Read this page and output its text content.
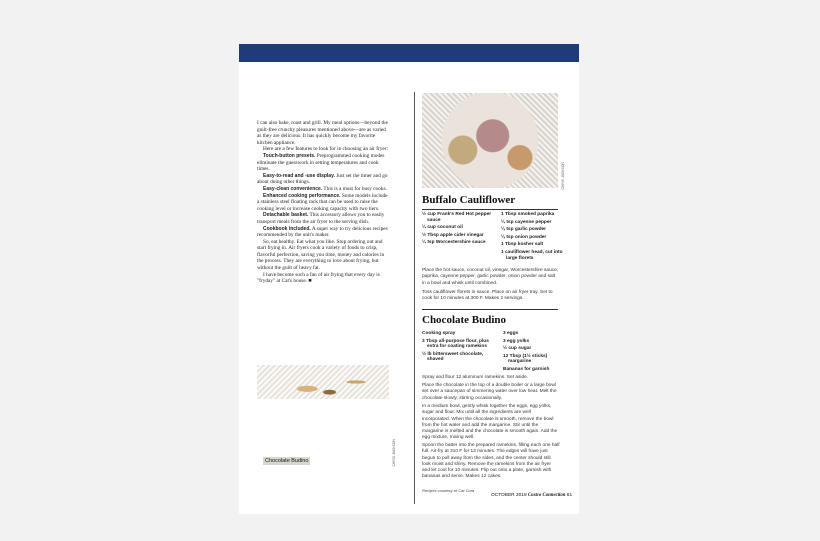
I can also bake, roast and grill. My meal options—beyond the guilt-free crunchy pleasures mentioned above—are as varied as they are delicious. It has quickly become my favorite kitchen appliance.

Here are a few features to look for in choosing an air fryer:

Touch-button presets. Preprogrammed cooking modes eliminate the guesswork in setting temperatures and cook times.

Easy-to-read and -use display. Just set the timer and go about doing other things.

Easy-clean convenience. This is a must for busy cooks.

Enhanced cooking performance. Some models include a stainless steel floating rack that can be used to raise the cooking level or increase cooking capacity with two tiers.

Detachable basket. This accessory allows you to easily transport meals from the air fryer to the serving dish.

Cookbook included. A super way to try delicious recipes recommended by the unit's maker.

So, eat healthy. Eat what you like. Stop ordering out and start frying in. Air fryers cook a variety of foods to crisp, flavorful perfection, saving you time, money and calories in the process. They are everything to love about frying, but without the guilt of heavy fat.

I have become such a fan of air frying that every day is "fryday" at Cat's house. ■

CHRIS JACKSON
Chocolate Budino
CHRIS JACKSON
Buffalo Cauliflower
½ cup Frank's Red Hot pepper sauce
¼ cup coconut oil
½ Tbsp apple cider vinegar
¼ tsp Worcestershire sauce
1 Tbsp smoked paprika
¼ tsp cayenne pepper
¼ tsp garlic powder
¼ tsp onion powder
1 Tbsp kosher salt
1 cauliflower head, cut into large florets

Place the hot sauce, coconut oil, vinegar, Worcestershire sauce, paprika, cayenne pepper, garlic powder, onion powder and salt in a bowl and whisk until combined.

Toss cauliflower florets in sauce. Place on air fryer tray. Set to cook for 10 minutes at 300 F. Makes 2 servings.

Chocolate Budino
Cooking spray
3 Tbsp all-purpose flour, plus extra for coating ramekins
½ lb bittersweet chocolate, shaved
3 eggs
3 egg yolks
½ cup sugar
12 Tbsp (1½ sticks) margarine
Bananas for garnish

Spray and flour 12 aluminum ramekins. Set aside.

Place the chocolate in the top of a double boiler or a large bowl set over a saucepan of simmering water over low heat. Melt the chocolate slowly, stirring occasionally.

In a medium bowl, gently whisk together the eggs, egg yolks, sugar and flour. Mix until all the ingredients are well incorporated. When the chocolate is smooth, remove the bowl from the hot water and add the margarine. Stir until the margarine is melted and the chocolate is smooth again. Add the egg mixture, mixing well.

Spoon the batter into the prepared ramekins, filling each one half full. Air-fry at 310 F for 13 minutes. The edges will have just begun to pull away from the sides, and the center should still look moist and shiny. Remove the ramekins from the air fryer and let cool for 10 minutes. Flip out onto a plate, garnish with bananas and serve. Makes 12 cakes.

Recipes courtesy of Cat Cora
OCTOBER 2018 Costco Connection 61
